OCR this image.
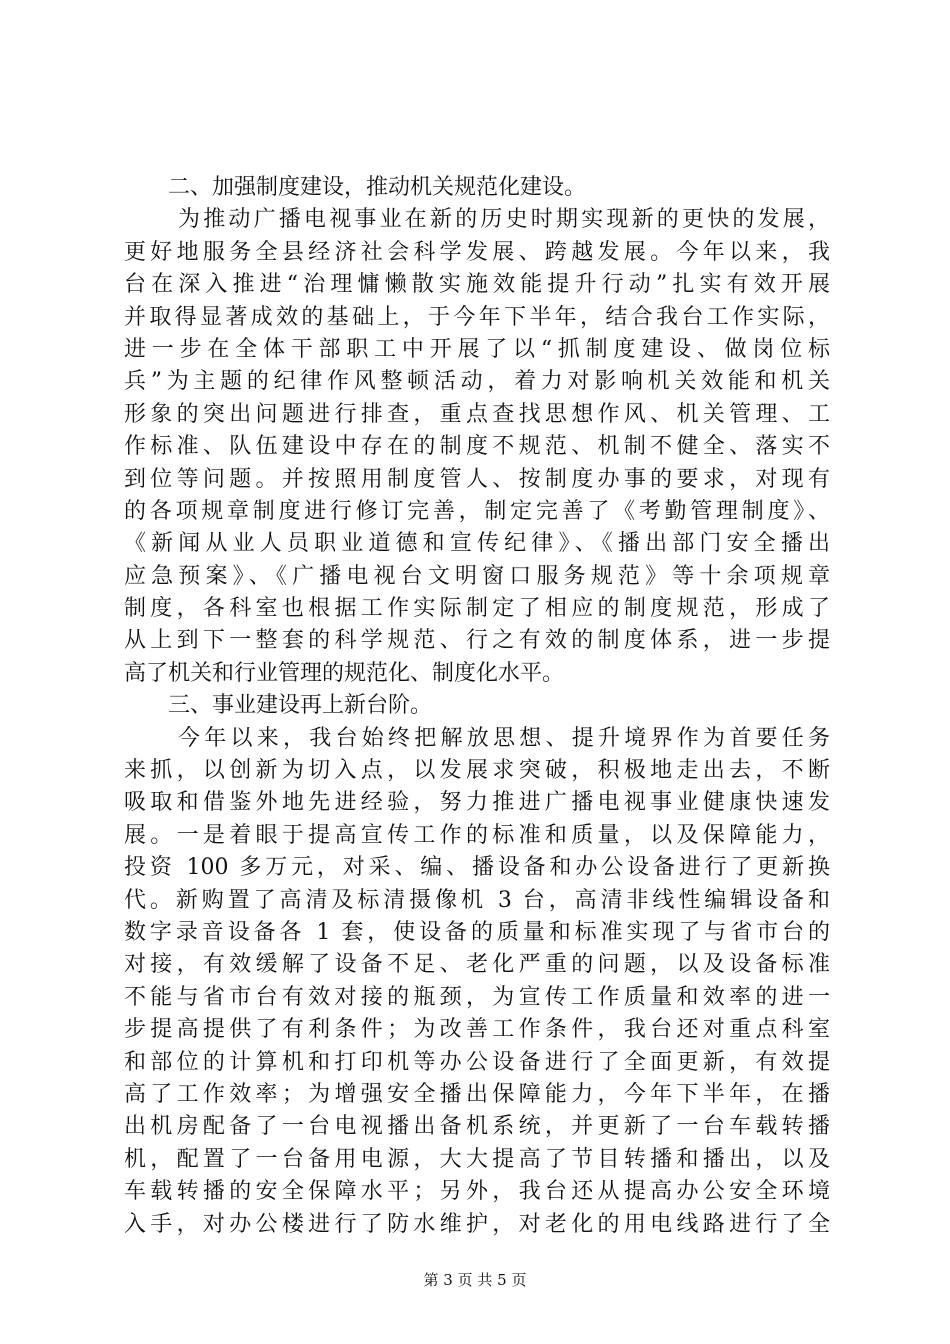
二、加强制度建设，推动机关规范化建设。
为推动广播电视事业在新的历史时期实现新的更快的发展，
更好地服务全县经济社会科学发展、跨越发展。今年以来，我
台在深入推进“治理慵懒散实施效能提升行动”扎实有效开展
并取得显著成效的基础上，于今年下半年，结合我台工作实际，
进一步在全体干部职工中开展了以“抓制度建设、做岗位标
兵”为主题的纪律作风整顿活动，着力对影响机关效能和机关
形象的突出问题进行排查，重点查找思想作风、机关管理、工
作标准、队伍建设中存在的制度不规范、机制不健全、落实不
到位等问题。并按照用制度管人、按制度办事的要求，对现有
的各项规章制度进行修订完善，制定完善了《考勤管理制度》、
《新闻从业人员职业道德和宣传纪律》、《播出部门安全播出
应急预案》、《广播电视台文明窗口服务规范》等十余项规章
制度，各科室也根据工作实际制定了相应的制度规范，形成了
从上到下一整套的科学规范、行之有效的制度体系，进一步提
高了机关和行业管理的规范化、制度化水平。
三、事业建设再上新台阶。
今年以来，我台始终把解放思想、提升境界作为首要任务
来抓，以创新为切入点，以发展求突破，积极地走出去，不断
吸取和借鉴外地先进经验，努力推进广播电视事业健康快速发
展。一是着眼于提高宣传工作的标准和质量，以及保障能力，
投资 100 多万元，对采、编、播设备和办公设备进行了更新换
代。新购置了高清及标清摄像机 3 台，高清非线性编辑设备和
数字录音设备各 1 套，使设备的质量和标准实现了与省市台的
对接，有效缓解了设备不足、老化严重的问题，以及设备标准
不能与省市台有效对接的瓶颈，为宣传工作质量和效率的进一
步提高提供了有利条件；为改善工作条件，我台还对重点科室
和部位的计算机和打印机等办公设备进行了全面更新，有效提
高了工作效率；为增强安全播出保障能力，今年下半年，在播
出机房配备了一台电视播出备机系统，并更新了一台车载转播
机，配置了一台备用电源，大大提高了节目转播和播出，以及
车载转播的安全保障水平；另外，我台还从提高办公安全环境
入手，对办公楼进行了防水维护，对老化的用电线路进行了全
第 3 页 共 5 页
